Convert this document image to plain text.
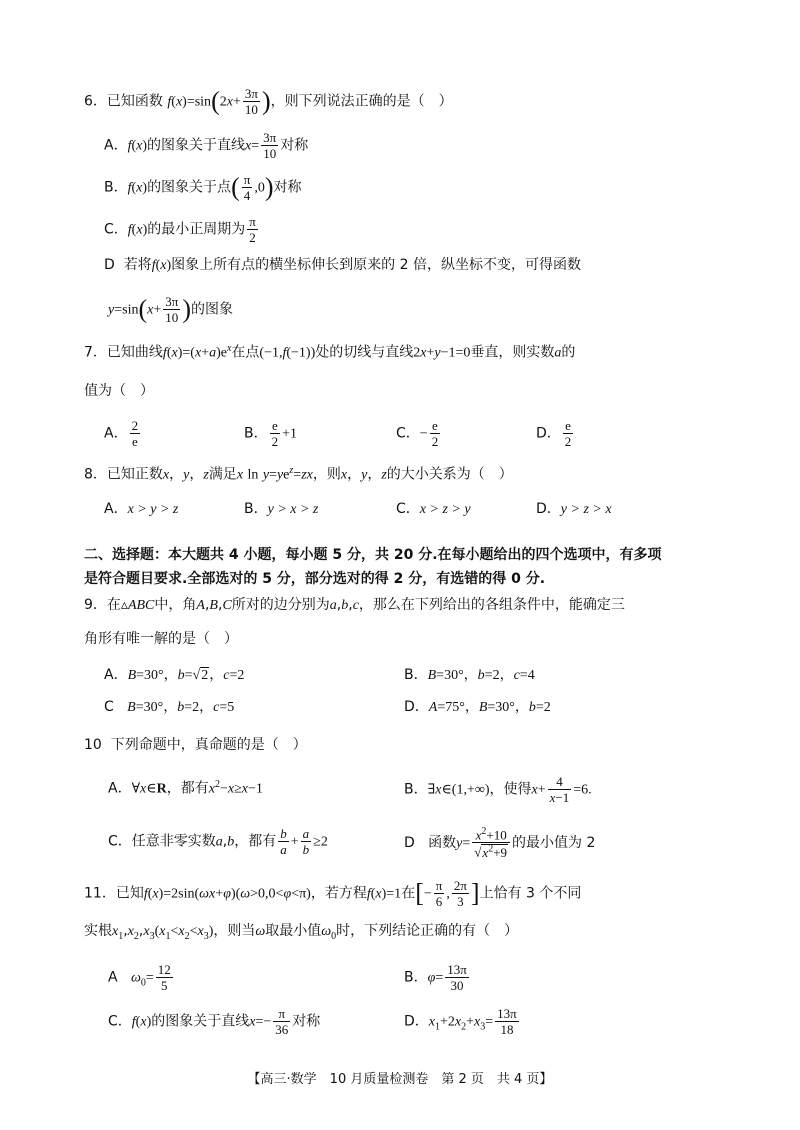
6．已知函数 $f(x)=\sin(2x+ \frac{3\pi}{10}$ )，则下列说法正确的是（　）
A．f(x)的图象关于直线$x= \frac{3\pi}{10}$ 对称
B．f(x)的图象关于点( $\frac{\pi}{4} ,0$)对称
C．f(x)的最小正周期为 $\frac{\pi}{2}$
D 若将f(x)图象上所有点的横坐标伸长到原来的 2 倍，纵坐标不变，可得函数
$y=\sin(x+ \frac{3\pi}{10}$ )的图象
7．已知曲线$f(x)=(x+a)e^x$在点(−1,f(−1))处的切线与直线2x+y−1=0垂直，则实数a的
值为（　）
A． $\frac{2}{e}$	B． $\frac{e}{2} +1$	C．− $\frac{e}{2}$	D． $\frac{e}{2}$
8．已知正数x，y，z满足x $\ln y=ye^z=zx$，则x，y，z的大小关系为（　）
A．x > y > z	B．y > x > z	C．x > z > y	D．y > z > x
二、选择题：本大题共 4 小题，每小题 5 分，共 20 分.在每小题给出的四个选项中，有多项
是符合题目要求.全部选对的 5 分，部分选对的得 2 分，有选错的得 0 分.
9．在▵ABC中，角A,B,C所对的边分别为a,b,c，那么在下列给出的各组条件中，能确定三
角形有唯一解的是（　）
A．B=30°，b=√2，c=2	B．B=30°，b=2，c=4
C B=30°，b=2，c=5	D．A=75°，B=30°，b=2
10 下列命题中，真命题的是（　）
A．∀x∈R，都有$x^2-x\ge x-1$	B．∃x∈(1,+∞)，使得$x+ \frac{4}{x-1} =6$.
C．任意非零实数a,b，都有 $\frac{b}{a} + \frac{a}{b} \ge 2$	D 函数$y= \frac{x^2+10}{√x^2+9}$ 的最小值为 2
11．已知f(x)=2sin(ωx+φ)(ω>0,0<φ<π)，若方程f(x)=1在[− $\frac{\pi}{6}$ , $\frac{2\pi}{3}$ ]上恰有 3 个不同
实根$x_1,x_2,x_3(x_1<x_2<x_3)$，则当ω取最小值$\omega_0$时，下列结论正确的有（　）
A $\omega_0= \frac{12}{5}$	B．$\varphi= \frac{13\pi}{30}$
C．f(x)的图象关于直线$x=- \frac{\pi}{36}$ 对称	D．$x_1+2x_2+x_3= \frac{13\pi}{18}$
【高三·数学　10 月质量检测卷　第 2 页　共 4 页】
